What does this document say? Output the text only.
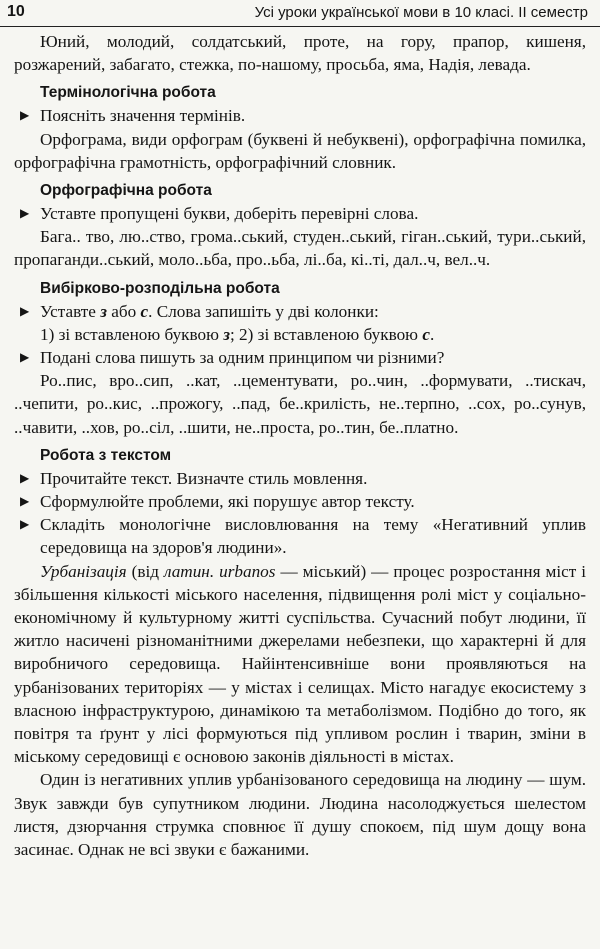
10	Усі уроки української мови в 10 класі. II семестр

Юний, молодий, солдатський, проте, на гору, прапор, кишеня, розжарений, забагато, стежка, по-нашому, просьба, яма, Надія, левада.

Термінологічна робота

▶ Поясніть значення термінів.

Орфограма, види орфограм (буквені й небуквені), орфографічна помилка, орфографічна грамотність, орфографічний словник.

Орфографічна робота

▶ Уставте пропущені букви, доберіть перевірні слова.

Бага.. тво, лю..ство, грома..ський, студен..ський, гіган..ський, тури..ський, пропаганди..ський, моло..ьба, про..ьба, лі..ба, кі..ті, дал..ч, вел..ч.

Вибірково-розподільна робота

▶ Уставте з або с. Слова запишіть у дві колонки:

1) зі вставленою буквою з; 2) зі вставленою буквою с.

▶ Подані слова пишуть за одним принципом чи різними?

Ро..пис, вро..сип, ..кат, ..цементувати, ро..чин, ..формувати, ..тискач, ..чепити, ро..кис, ..прожогу, ..пад, бе..крилість, не..терпно, ..сох, ро..сунув, ..чавити, ..хов, ро..сіл, ..шити, не..проста, ро..тин, бе..платно.

Робота з текстом

▶ Прочитайте текст. Визначте стиль мовлення.

▶ Сформулюйте проблеми, які порушує автор тексту.

▶ Складіть монологічне висловлювання на тему «Негативний уплив середовища на здоров'я людини».

Урбанізація (від латин. urbanos — міський) — процес розростання міст і збільшення кількості міського населення, підвищення ролі міст у соціально-економічному й культурному житті суспільства. Сучасний побут людини, її житло насичені різноманітними джерелами небезпеки, що характерні й для виробничого середовища. Найінтенсивніше вони проявляються на урбанізованих територіях — у містах і селищах. Місто нагадує екосистему з власною інфраструктурою, динамікою та метаболізмом. Подібно до того, як повітря та ґрунт у лісі формуються під упливом рослин і тварин, зміни в міському середовищі є основою законів діяльності в містах.

Один із негативних уплив урбанізованого середовища на людину — шум. Звук завжди був супутником людини. Людина насолоджується шелестом листя, дзюрчання струмка сповнює її душу спокоєм, під шум дощу вона засинає. Однак не всі звуки є бажаними.
